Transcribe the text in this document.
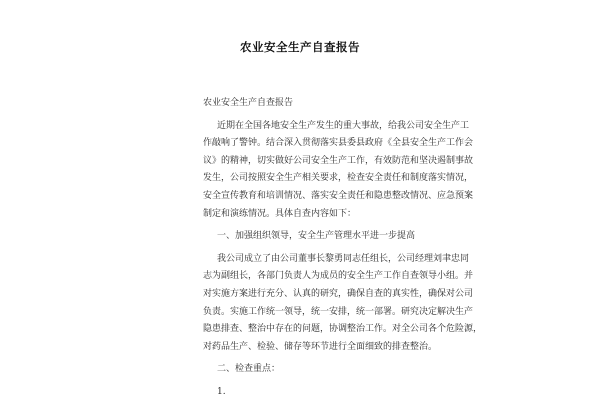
农业安全生产自查报告
农业安全生产自查报告
近期在全国各地安全生产发生的重大事故，给我公司安全生产工
作敲响了警钟。结合深入贯彻落实县委县政府《全县安全生产工作会
议》的精神，切实做好公司安全生产工作，有效防范和坚决遏制事故
发生，公司按照安全生产相关要求，检查安全责任和制度落实情况，
安全宣传教育和培训情况、落实安全责任和隐患整改情况、应急预案
制定和演练情况。具体自查内容如下：
一、加强组织领导，安全生产管理水平进一步提高
我公司成立了由公司董事长黎勇同志任组长，公司经理刘聿忠同
志为副组长，各部门负责人为成员的安全生产工作自查领导小组。并
对实施方案进行充分、认真的研究，确保自查的真实性，确保对公司
负责。实施工作统一领导，统一安排，统一部署。研究决定解决生产
隐患排查、整治中存在的问题，协调整治工作。对全公司各个危险源，
对药品生产、检验、储存等环节进行全面细致的排查整治。
二、检查重点：
1.
